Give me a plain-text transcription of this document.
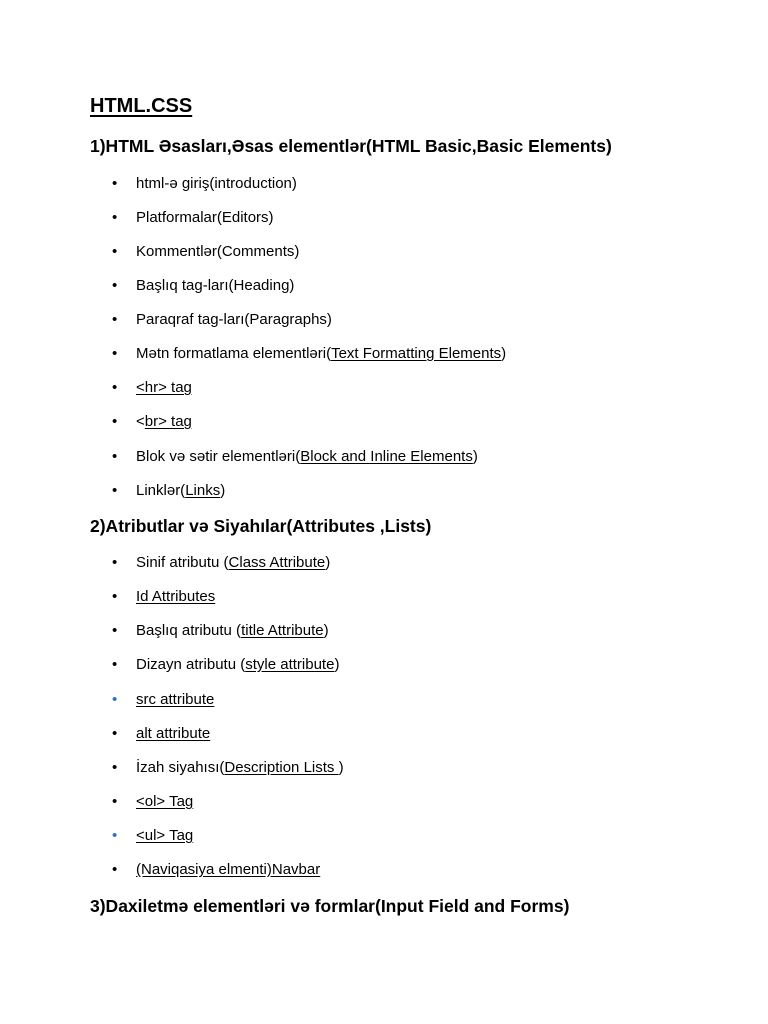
HTML.CSS
1)HTML Əsasları,Əsas elementlər(HTML Basic,Basic Elements)
•	html-ə giriş(introduction)
•	Platformalar(Editors)
•	Kommentlər(Comments)
•	Başlıq tag-ları(Heading)
•	Paraqraf tag-ları(Paragraphs)
•	Mətn formatlama elementləri(Text Formatting Elements)
•	<hr> tag
•	<br> tag
•	Blok və sətir elementləri(Block and Inline Elements)
•	Linklər(Links)
2)Atributlar və Siyahılar(Attributes ,Lists)
•	Sinif atributu (Class Attribute)
•	Id Attributes
•	Başlıq atributu (title Attribute)
•	Dizayn atributu (style attribute)
•	src attribute
•	alt attribute
•	İzah siyahısı(Description Lists )
•	<ol> Tag
•	<ul> Tag
•	(Naviqasiya elmenti)Navbar
3)Daxiletmə elementləri və formlar(Input Field and Forms)
